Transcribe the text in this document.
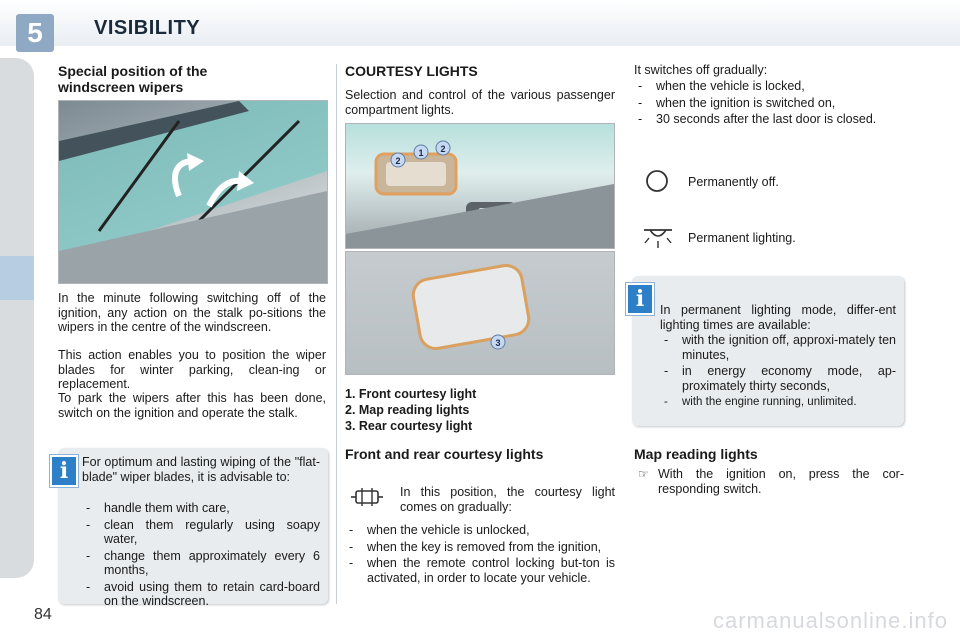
5	VISIBILITY
84
Special position of the windscreen wipers
In the minute following switching off of the ignition, any action on the stalk po-sitions the wipers in the centre of the windscreen.
This action enables you to position the wiper blades for winter parking, clean-ing or replacement.
To park the wipers after this has been done, switch on the ignition and operate the stalk.
i	For optimum and lasting wiping of the "flat-blade" wiper blades, it is advisable to:
- handle them with care,
- clean them regularly using soapy water,
- change them approximately every 6 months,
- avoid using them to retain card-board on the windscreen.
COURTESY LIGHTS
Selection and control of the various passenger compartment lights.
2
1 2
3
1. Front courtesy light
2. Map reading lights
3. Rear courtesy light
Front and rear courtesy lights
In this position, the courtesy light comes on gradually:
- when the vehicle is unlocked,
- when the key is removed from the ignition,
- when the remote control locking but-ton is activated, in order to locate your vehicle.
It switches off gradually:
- when the vehicle is locked,
- when the ignition is switched on,
- 30 seconds after the last door is closed.
Permanently off.
Permanent lighting.
i	In permanent lighting mode, differ-ent lighting times are available:
- with the ignition off, approxi-mately ten minutes,
- in energy economy mode, ap-proximately thirty seconds,
- with the engine running, unlimited.
Map reading lights
☞ With the ignition on, press the cor-responding switch.
carmanualsonline.info
